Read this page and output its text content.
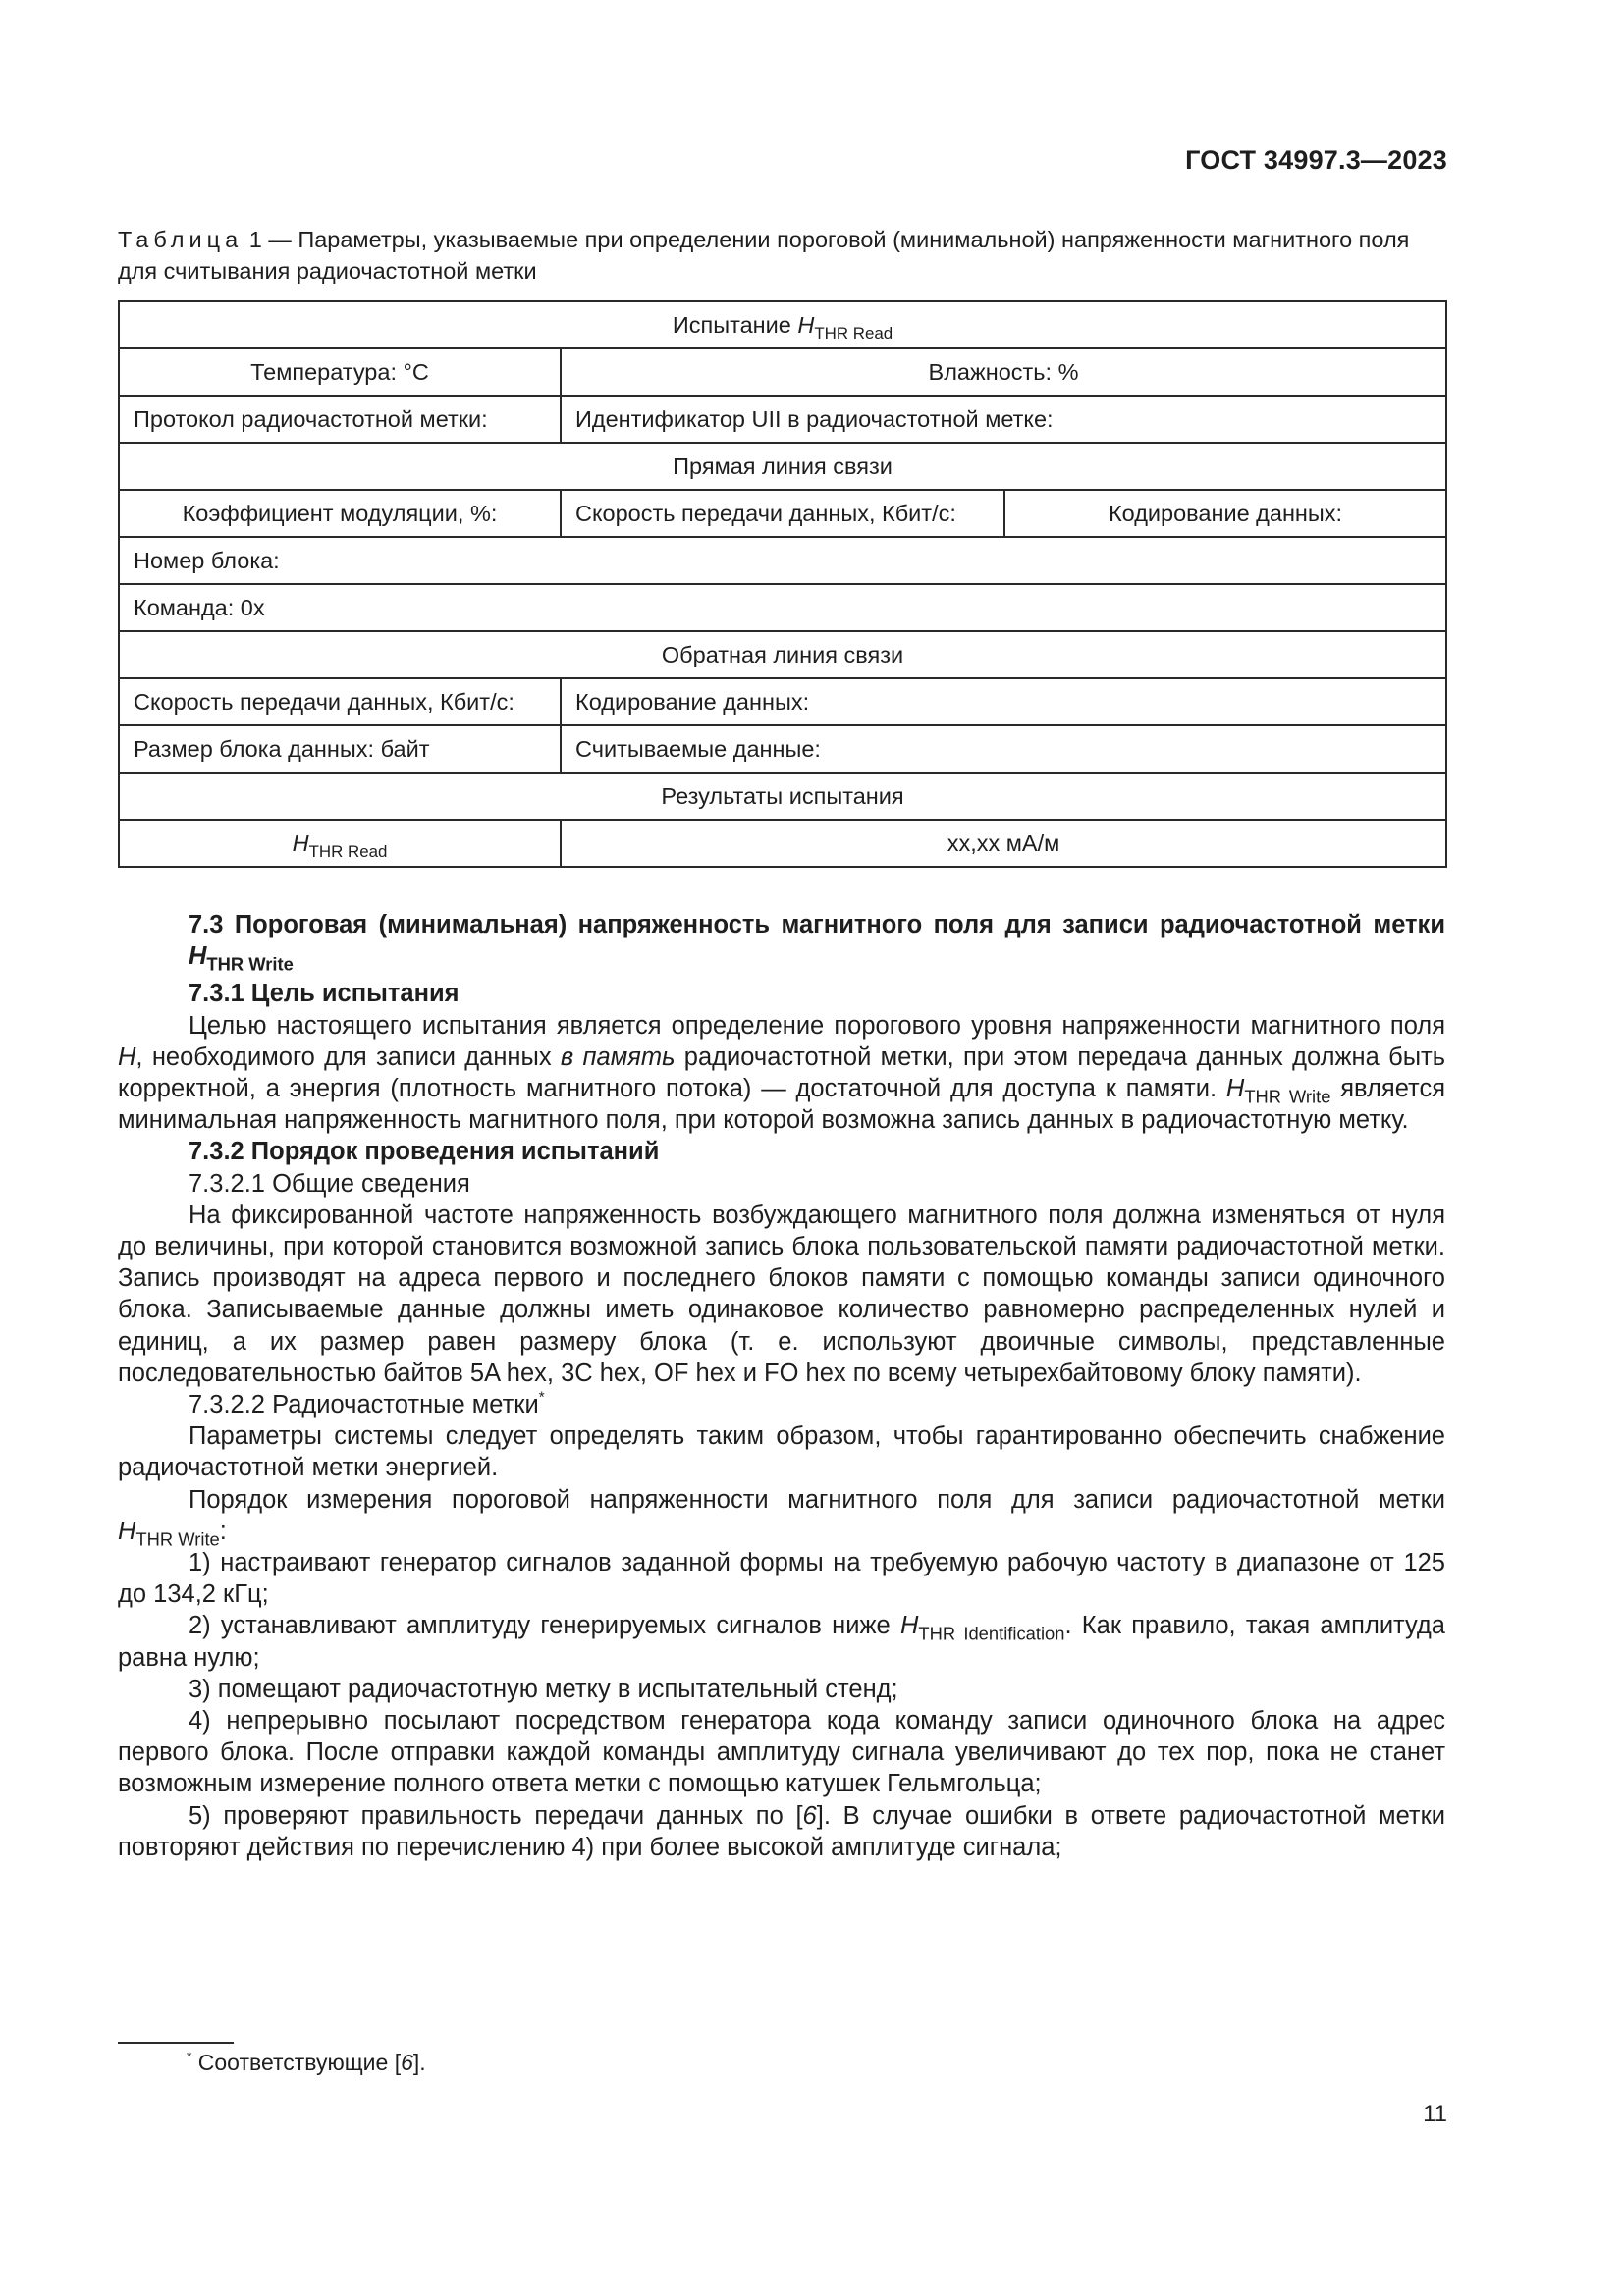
ГОСТ 34997.3—2023
Таблица 1 — Параметры, указываемые при определении пороговой (минимальной) напряженности магнитного поля для считывания радиочастотной метки
Испытание $H_{THR Read}$
Температура: °С	Влажность: %	
Протокол радиочастотной метки:	Идентификатор UII в радиочастотной метке:	
Прямая линия связи		
Коэффициент модуляции, %:	Скорость передачи данных, Кбит/с:	Кодирование данных:
Номер блока:		
Команда: 0x		
Обратная линия связи		
Скорость передачи данных, Кбит/с:	Кодирование данных:	
Размер блока данных: байт	Считываемые данные:	
Результаты испытания		
$H_{THR Read}$	хх,хх мА/м	

7.3 Пороговая (минимальная) напряженность магнитного поля для записи радиочастотной метки $H_{THR Write}$

7.3.1 Цель испытания

Целью настоящего испытания является определение порогового уровня напряженности магнитного поля H, необходимого для записи данных в память радиочастотной метки, при этом передача данных должна быть корректной, а энергия (плотность магнитного потока) — достаточной для доступа к памяти. $H_{THR Write}$ является минимальная напряженность магнитного поля, при которой возможна запись данных в радиочастотную метку.

7.3.2 Порядок проведения испытаний

7.3.2.1 Общие сведения

На фиксированной частоте напряженность возбуждающего магнитного поля должна изменяться от нуля до величины, при которой становится возможной запись блока пользовательской памяти радиочастотной метки. Запись производят на адреса первого и последнего блоков памяти с помощью команды записи одиночного блока. Записываемые данные должны иметь одинаковое количество равномерно распределенных нулей и единиц, а их размер равен размеру блока (т. е. используют двоичные символы, представленные последовательностью байтов 5A hex, 3C hex, OF hex и FO hex по всему четырехбайтовому блоку памяти).

7.3.2.2 Радиочастотные метки*

Параметры системы следует определять таким образом, чтобы гарантированно обеспечить снабжение радиочастотной метки энергией.

Порядок измерения пороговой напряженности магнитного поля для записи радиочастотной метки

$H_{THR Write}$:

1) настраивают генератор сигналов заданной формы на требуемую рабочую частоту в диапазоне от 125 до 134,2 кГц;

2) устанавливают амплитуду генерируемых сигналов ниже $H_{THR Identification}$. Как правило, такая амплитуда равна нулю;

3) помещают радиочастотную метку в испытательный стенд;

4) непрерывно посылают посредством генератора кода команду записи одиночного блока на адрес первого блока. После отправки каждой команды амплитуду сигнала увеличивают до тех пор, пока не станет возможным измерение полного ответа метки с помощью катушек Гельмгольца;

5) проверяют правильность передачи данных по [6]. В случае ошибки в ответе радиочастотной метки повторяют действия по перечислению 4) при более высокой амплитуде сигнала;

* Соответствующие [6].
11
